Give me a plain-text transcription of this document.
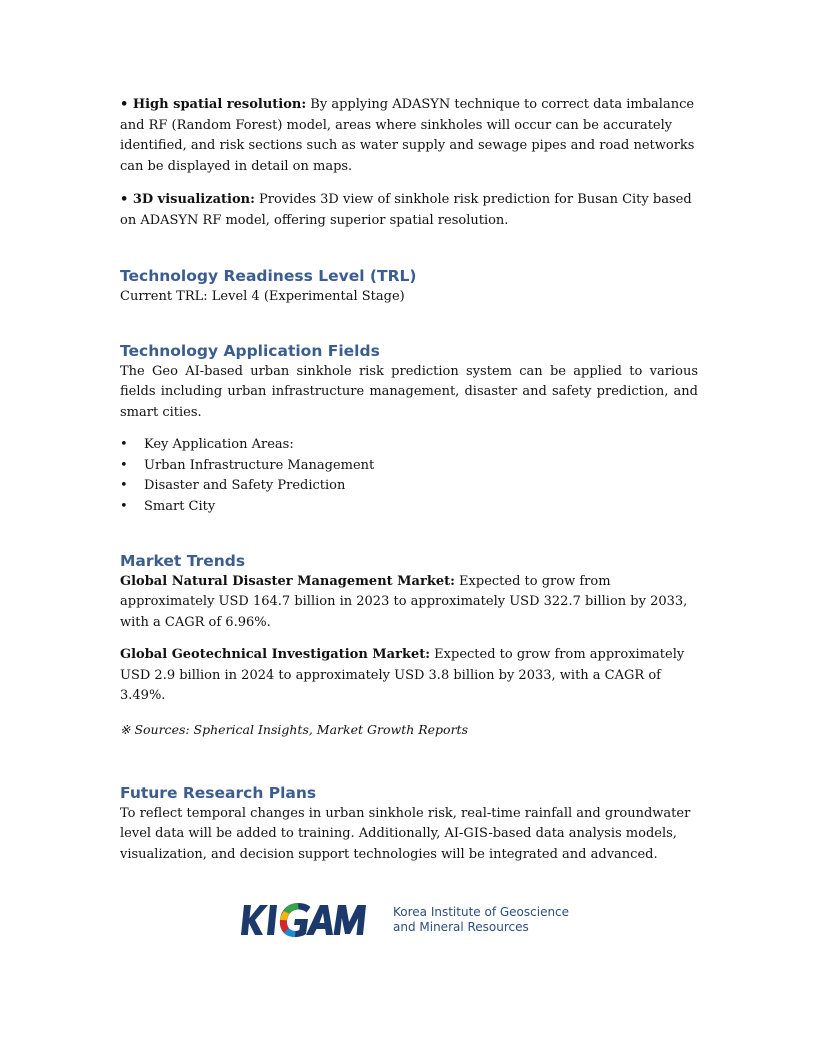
• High spatial resolution: By applying ADASYN technique to correct data imbalance and RF (Random Forest) model, areas where sinkholes will occur can be accurately identified, and risk sections such as water supply and sewage pipes and road networks can be displayed in detail on maps.

• 3D visualization: Provides 3D view of sinkhole risk prediction for Busan City based on ADASYN RF model, offering superior spatial resolution.

Technology Readiness Level (TRL)

Current TRL: Level 4 (Experimental Stage)

Technology Application Fields

The Geo AI-based urban sinkhole risk prediction system can be applied to various fields including urban infrastructure management, disaster and safety prediction, and smart cities.

• Key Application Areas:
• Urban Infrastructure Management
• Disaster and Safety Prediction
• Smart City
Market Trends

Global Natural Disaster Management Market: Expected to grow from approximately USD 164.7 billion in 2023 to approximately USD 322.7 billion by 2033, with a CAGR of 6.96%.

Global Geotechnical Investigation Market: Expected to grow from approximately USD 2.9 billion in 2024 to approximately USD 3.8 billion by 2033, with a CAGR of 3.49%.

※ Sources: Spherical Insights, Market Growth Reports

Future Research Plans

To reflect temporal changes in urban sinkhole risk, real-time rainfall and groundwater level data will be added to training. Additionally, AI-GIS-based data analysis models, visualization, and decision support technologies will be integrated and advanced.

Korea Institute of Geoscience
and Mineral Resources
